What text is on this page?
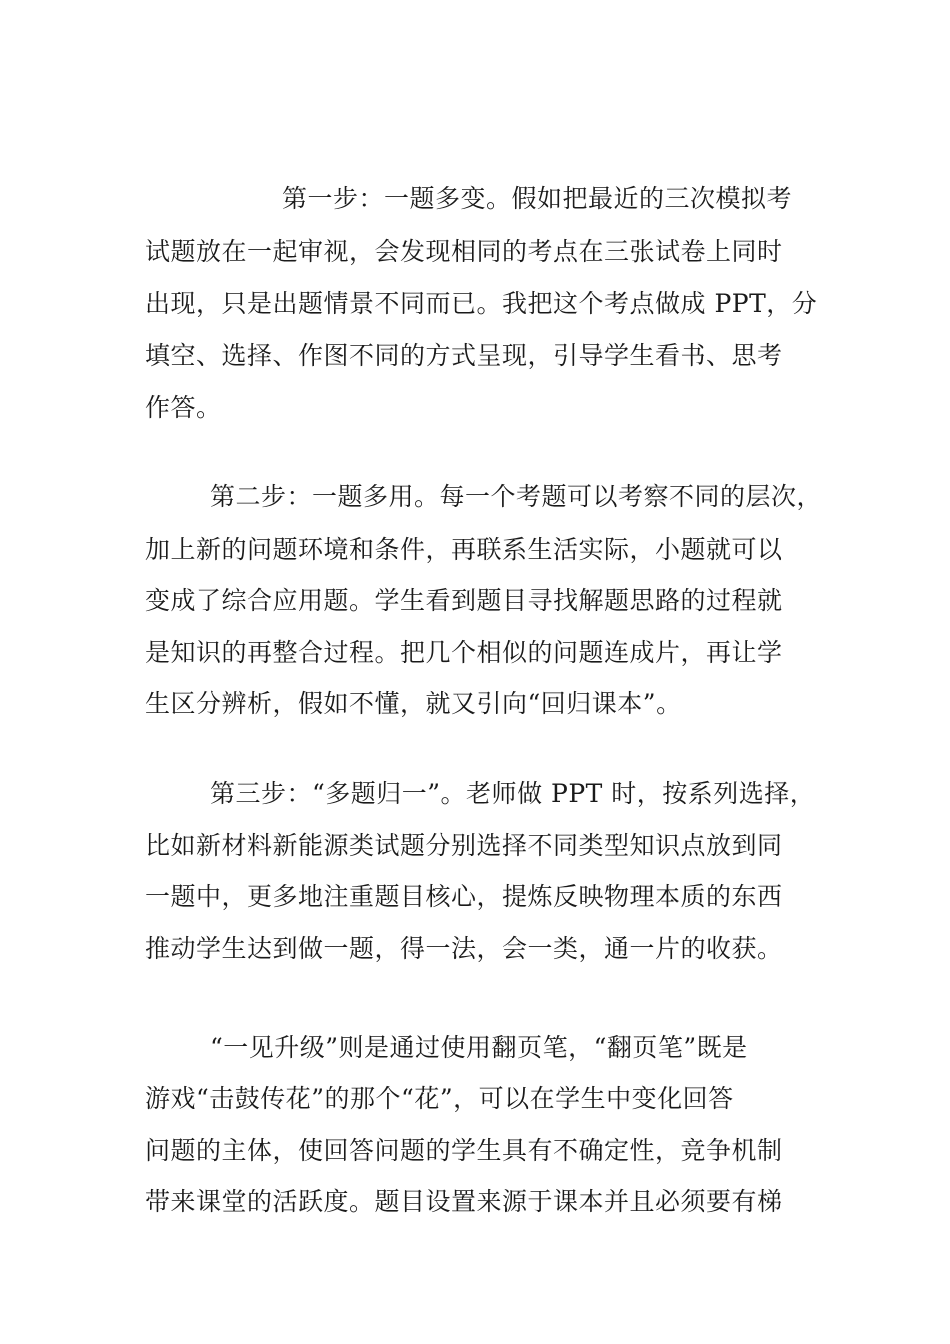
第一步：一题多变。假如把最近的三次模拟考
试题放在一起审视，会发现相同的考点在三张试卷上同时
出现，只是出题情景不同而已。我把这个考点做成 PPT，分
填空、选择、作图不同的方式呈现，引导学生看书、思考
作答。
第二步：一题多用。每一个考题可以考察不同的层次，
加上新的问题环境和条件，再联系生活实际，小题就可以
变成了综合应用题。学生看到题目寻找解题思路的过程就
是知识的再整合过程。把几个相似的问题连成片，再让学
生区分辨析，假如不懂，就又引向“回归课本”。
第三步：“多题归一”。老师做 PPT 时，按系列选择，
比如新材料新能源类试题分别选择不同类型知识点放到同
一题中，更多地注重题目核心，提炼反映物理本质的东西
推动学生达到做一题，得一法，会一类，通一片的收获。
“一见升级”则是通过使用翻页笔，“翻页笔”既是
游戏“击鼓传花”的那个“花”，可以在学生中变化回答
问题的主体，使回答问题的学生具有不确定性，竞争机制
带来课堂的活跃度。题目设置来源于课本并且必须要有梯
